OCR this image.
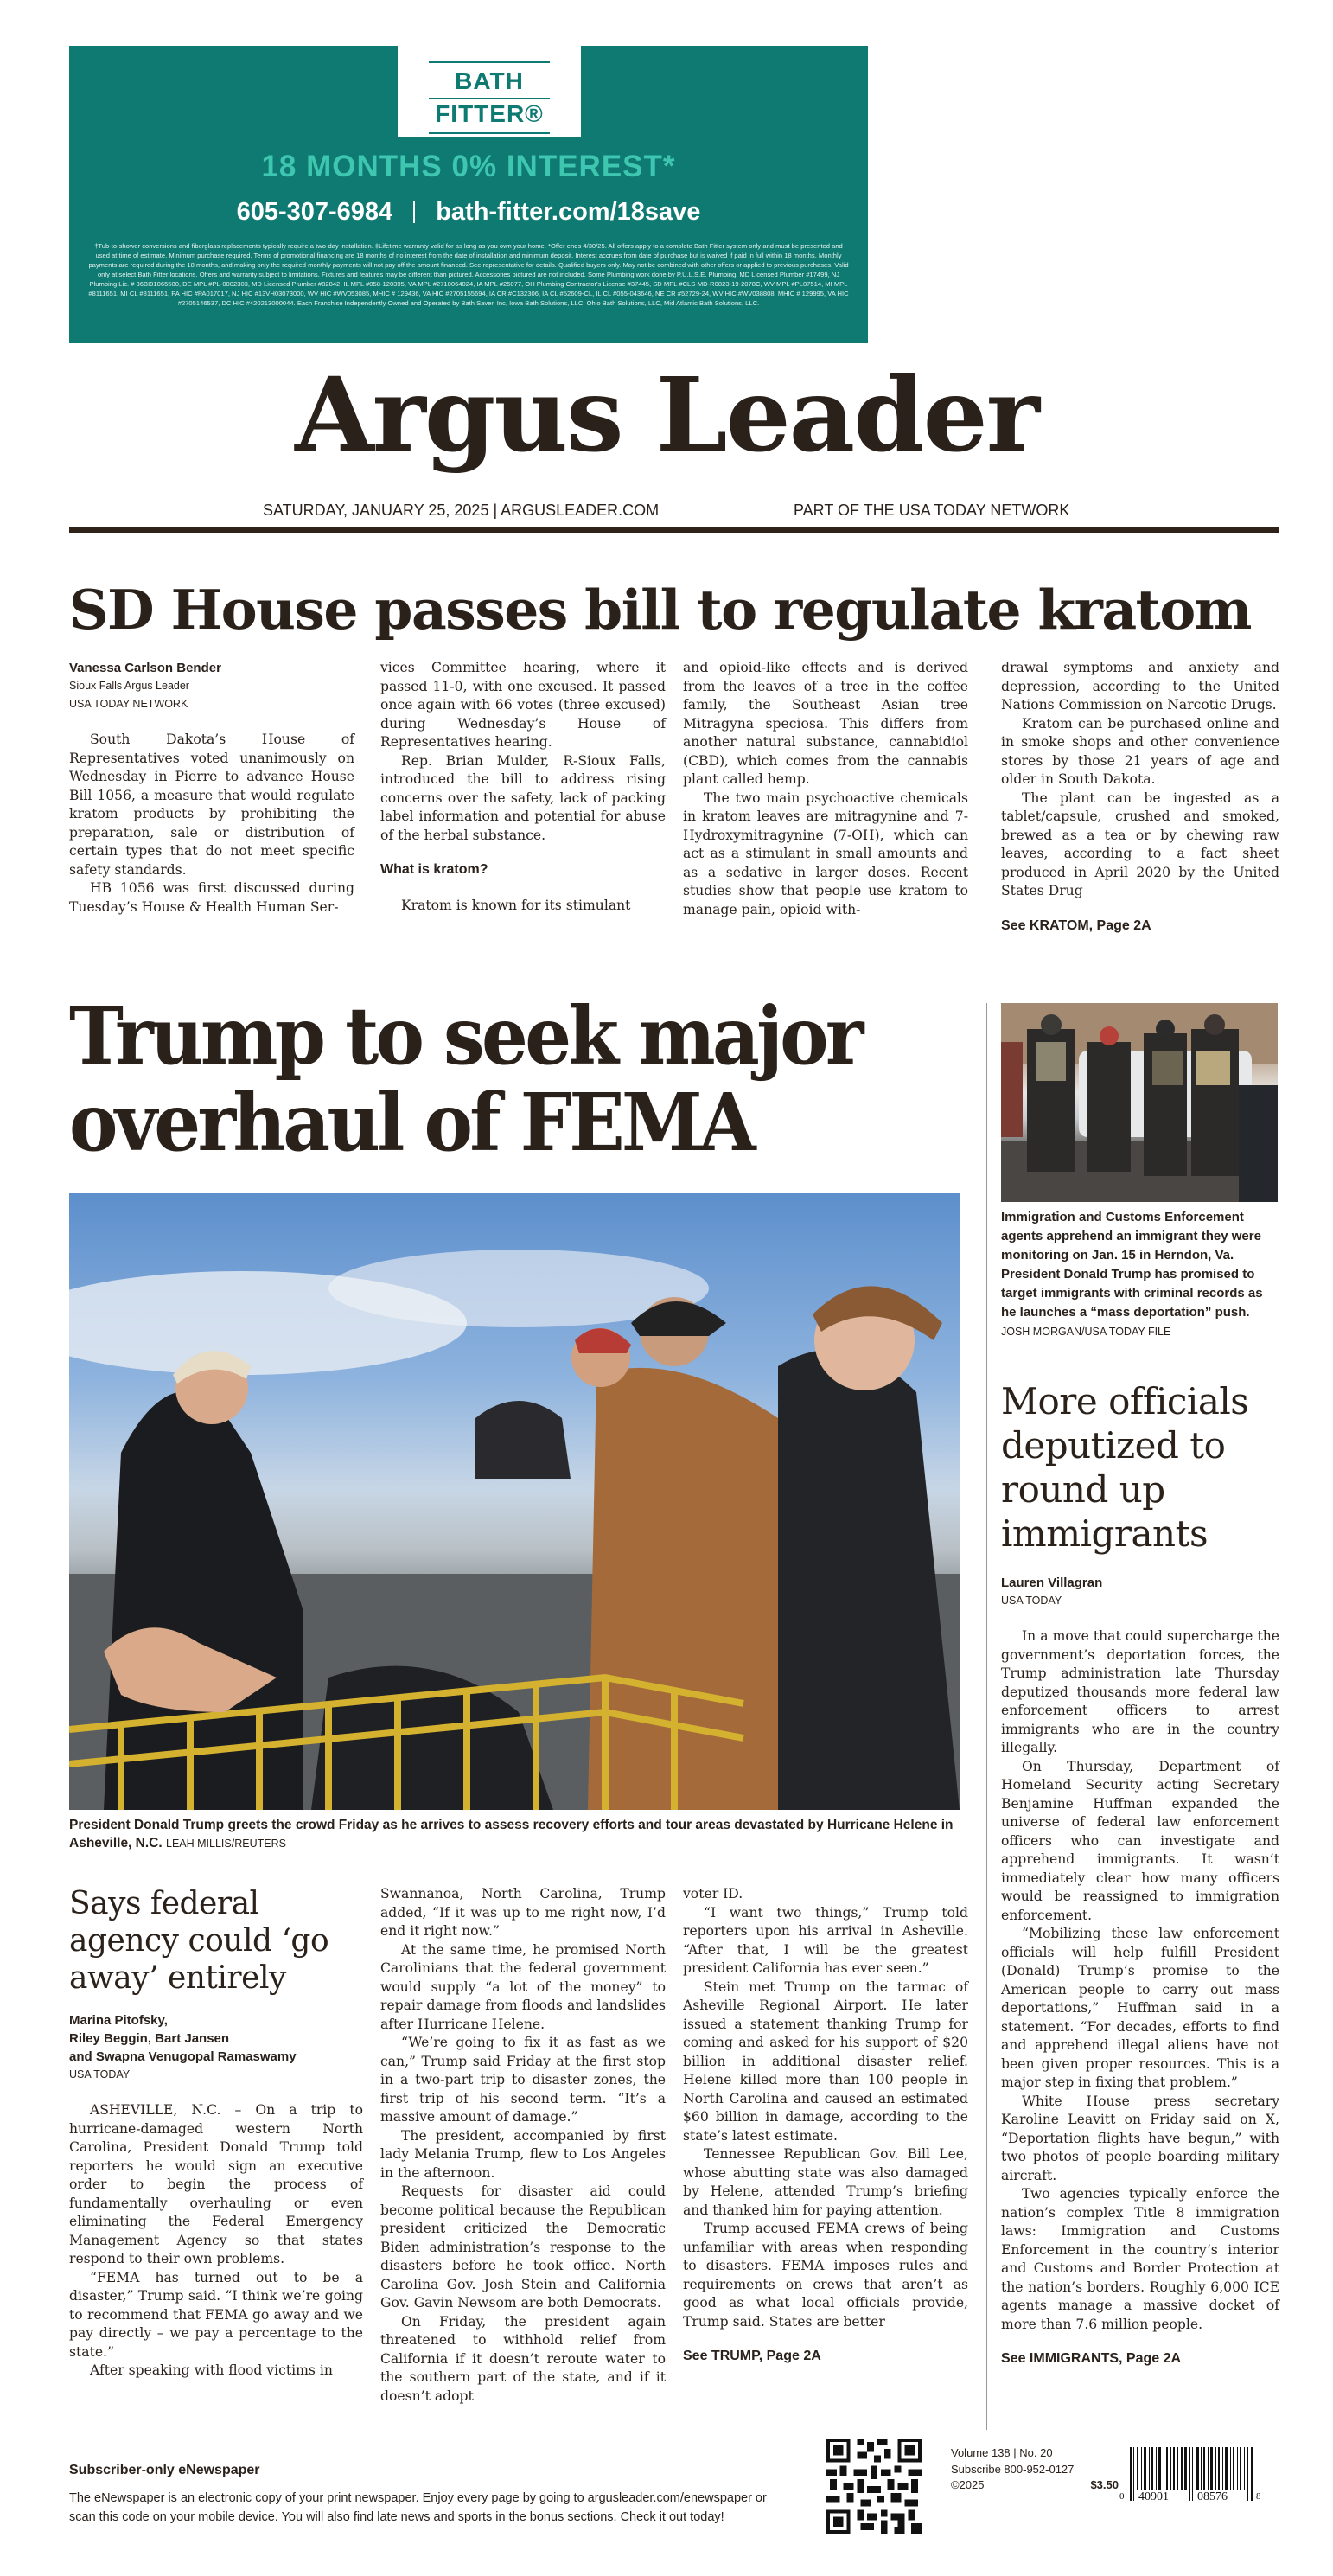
BATH
FITTER®
18 MONTHS 0% INTEREST*
605-307-6984 bath-fitter.com/18save
†Tub-to-shower conversions and fiberglass replacements typically require a two-day installation. ‡Lifetime warranty valid for as long as you own your home. *Offer ends 4/30/25. All offers apply to a complete Bath Fitter system only and must be presented and used at time of estimate. Minimum purchase required. Terms of promotional financing are 18 months of no interest from the date of installation and minimum deposit. Interest accrues from date of purchase but is waived if paid in full within 18 months. Monthly payments are required during the 18 months, and making only the required monthly payments will not pay off the amount financed. See representative for details. Qualified buyers only. May not be combined with other offers or applied to previous purchases. Valid only at select Bath Fitter locations. Offers and warranty subject to limitations. Fixtures and features may be different than pictured. Accessories pictured are not included. Some Plumbing work done by P.U.L.S.E. Plumbing. MD Licensed Plumber #17499, NJ Plumbing Lic. # 36BI01065500, DE MPL #PL-0002303, MD Licensed Plumber #82842, IL MPL #058-120395, VA MPL #2710064024, IA MPL #25077, OH Plumbing Contractor's License #37445, SD MPL #CLS-MD-R0823-19-2078C, WV MPL #PL07514, MI MPL #8111651, MI CL #8111651, PA HIC #PA017017, NJ HIC #13VH03073000, WV HIC #WV053085, MHIC # 129436, VA HIC #2705155694, IA CR #C132306, IA CL #52609-CL, IL CL #055-043646, NE CR #52729-24, WV HIC #WV038808, MHIC # 129995, VA HIC #2705146537, DC HIC #420213000044. Each Franchise Independently Owned and Operated by Bath Saver, Inc, Iowa Bath Solutions, LLC, Ohio Bath Solutions, LLC, Mid Atlantic Bath Solutions, LLC.
Argus Leader
SATURDAY, JANUARY 25, 2025 | ARGUSLEADER.COM	PART OF THE USA TODAY NETWORK
SD House passes bill to regulate kratom
Vanessa Carlson Bender
Sioux Falls Argus Leader
USA TODAY NETWORK

South Dakota’s House of Representatives voted unanimously on Wednesday in Pierre to advance House Bill 1056, a measure that would regulate kratom products by prohibiting the preparation, sale or distribution of certain types that do not meet specific safety standards.

HB 1056 was first discussed during Tuesday’s House & Health Human Ser-

vices Committee hearing, where it passed 11-0, with one excused. It passed once again with 66 votes (three excused) during Wednesday’s House of Representatives hearing.

Rep. Brian Mulder, R-Sioux Falls, introduced the bill to address rising concerns over the safety, lack of packing label information and potential for abuse of the herbal substance.

What is kratom?

Kratom is known for its stimulant

and opioid-like effects and is derived from the leaves of a tree in the coffee family, the Southeast Asian tree Mitragyna speciosa. This differs from another natural substance, cannabidiol (CBD), which comes from the cannabis plant called hemp.

The two main psychoactive chemicals in kratom leaves are mitragynine and 7-Hydroxymitragynine (7-OH), which can act as a stimulant in small amounts and as a sedative in larger doses. Recent studies show that people use kratom to manage pain, opioid with-

drawal symptoms and anxiety and depression, according to the United Nations Commission on Narcotic Drugs.

Kratom can be purchased online and in smoke shops and other convenience stores by those 21 years of age and older in South Dakota.

The plant can be ingested as a tablet/capsule, crushed and smoked, brewed as a tea or by chewing raw leaves, according to a fact sheet produced in April 2020 by the United States Drug

See KRATOM, Page 2A
Trump to seek major overhaul of FEMA
President Donald Trump greets the crowd Friday as he arrives to assess recovery efforts and tour areas devastated by Hurricane Helene in Asheville, N.C. LEAH MILLIS/REUTERS
Says federal agency could ‘go away’ entirely
Marina Pitofsky,
Riley Beggin, Bart Jansen
and Swapna Venugopal Ramaswamy
USA TODAY

ASHEVILLE, N.C. – On a trip to hurricane-damaged western North Carolina, President Donald Trump told reporters he would sign an executive order to begin the process of fundamentally overhauling or even eliminating the Federal Emergency Management Agency so that states respond to their own problems.

“FEMA has turned out to be a disaster,” Trump said. “I think we’re going to recommend that FEMA go away and we pay directly – we pay a percentage to the state.”

After speaking with flood victims in

Swannanoa, North Carolina, Trump added, “If it was up to me right now, I’d end it right now.”

At the same time, he promised North Carolinians that the federal government would supply “a lot of the money” to repair damage from floods and landslides after Hurricane Helene.

“We’re going to fix it as fast as we can,” Trump said Friday at the first stop in a two-part trip to disaster zones, the first trip of his second term. “It’s a massive amount of damage.”

The president, accompanied by first lady Melania Trump, flew to Los Angeles in the afternoon.

Requests for disaster aid could become political because the Republican president criticized the Democratic Biden administration’s response to the disasters before he took office. North Carolina Gov. Josh Stein and California Gov. Gavin Newsom are both Democrats.

On Friday, the president again threatened to withhold relief from California if it doesn’t reroute water to the southern part of the state, and if it doesn’t adopt

voter ID.

“I want two things,” Trump told reporters upon his arrival in Asheville. “After that, I will be the greatest president California has ever seen.”

Stein met Trump on the tarmac of Asheville Regional Airport. He later issued a statement thanking Trump for coming and asked for his support of $20 billion in additional disaster relief. Helene killed more than 100 people in North Carolina and caused an estimated $60 billion in damage, according to the state’s latest estimate.

Tennessee Republican Gov. Bill Lee, whose abutting state was also damaged by Helene, attended Trump’s briefing and thanked him for paying attention.

Trump accused FEMA crews of being unfamiliar with areas when responding to disasters. FEMA imposes rules and requirements on crews that aren’t as good as what local officials provide, Trump said. States are better

See TRUMP, Page 2A
Immigration and Customs Enforcement agents apprehend an immigrant they were monitoring on Jan. 15 in Herndon, Va. President Donald Trump has promised to target immigrants with criminal records as he launches a “mass deportation” push. JOSH MORGAN/USA TODAY FILE
More officials deputized to round up immigrants
Lauren Villagran
USA TODAY

In a move that could supercharge the government’s deportation forces, the Trump administration late Thursday deputized thousands more federal law enforcement officers to arrest immigrants who are in the country illegally.

On Thursday, Department of Homeland Security acting Secretary Benjamine Huffman expanded the universe of federal law enforcement officers who can investigate and apprehend immigrants. It wasn’t immediately clear how many officers would be reassigned to immigration enforcement.

“Mobilizing these law enforcement officials will help fulfill President (Donald) Trump’s promise to the American people to carry out mass deportations,” Huffman said in a statement. “For decades, efforts to find and apprehend illegal aliens have not been given proper resources. This is a major step in fixing that problem.”

White House press secretary Karoline Leavitt on Friday said on X, “Deportation flights have begun,” with two photos of people boarding military aircraft.

Two agencies typically enforce the nation’s complex Title 8 immigration laws: Immigration and Customs Enforcement in the country’s interior and Customs and Border Protection at the nation’s borders. Roughly 6,000 ICE agents manage a massive docket of more than 7.6 million people.

See IMMIGRANTS, Page 2A
Subscriber-only eNewspaper
The eNewspaper is an electronic copy of your print newspaper. Enjoy every page by going to argusleader.com/enewspaper or scan this code on your mobile device. You will also find late news and sports in the bonus sections. Check it out today!
Volume 138 | No. 20
Subscribe 800-952-0127
©2025	$3.50
0 40901 08576	8
